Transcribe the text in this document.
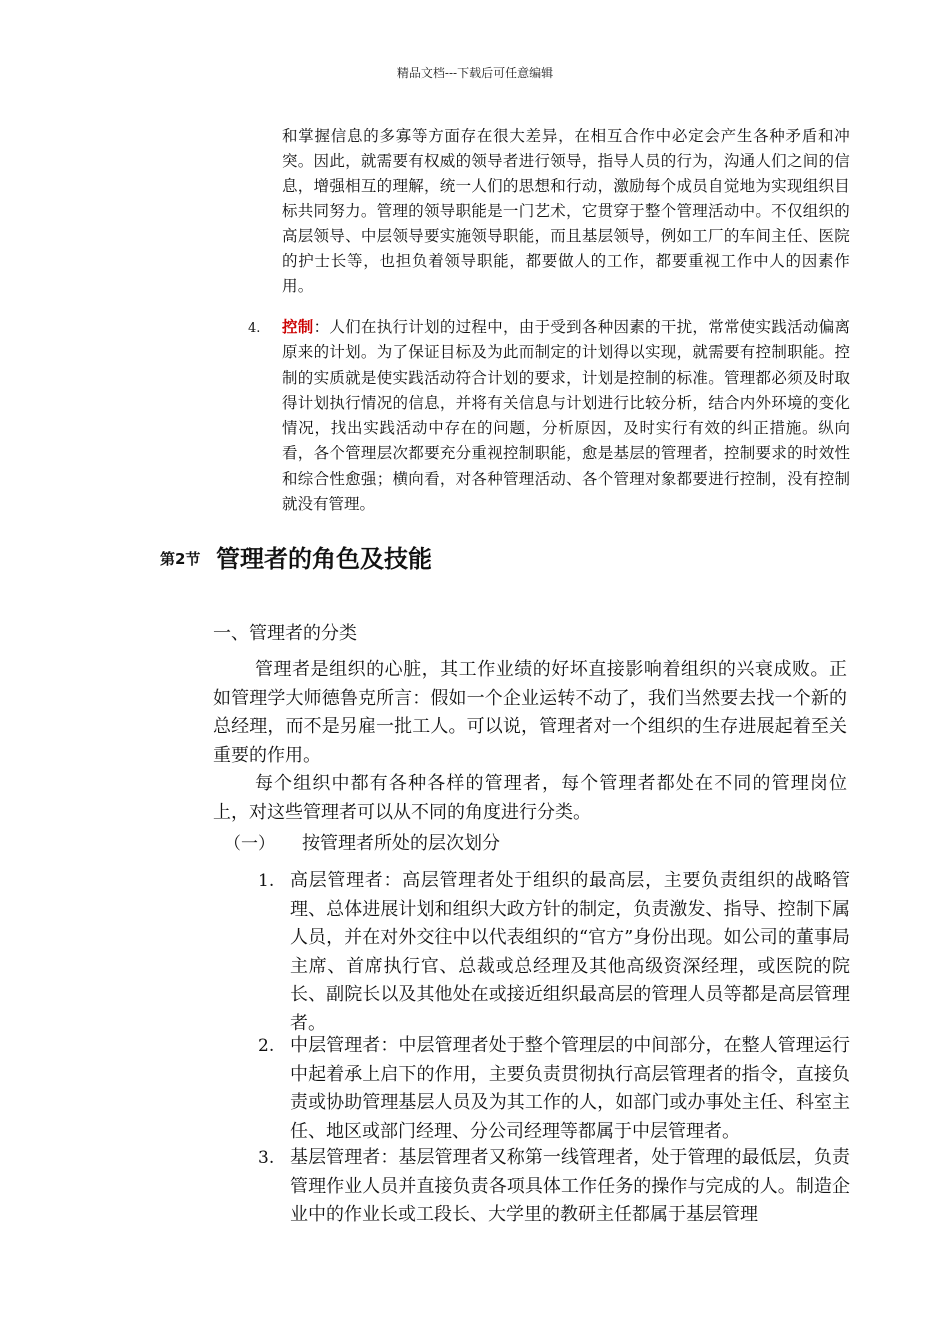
精品文档---下载后可任意编辑
和掌握信息的多寡等方面存在很大差异，在相互合作中必定会产生各种矛盾和冲突。因此，就需要有权威的领导者进行领导，指导人员的行为，沟通人们之间的信息，增强相互的理解，统一人们的思想和行动，激励每个成员自觉地为实现组织目标共同努力。管理的领导职能是一门艺术，它贯穿于整个管理活动中。不仅组织的高层领导、中层领导要实施领导职能，而且基层领导，例如工厂的车间主任、医院的护士长等，也担负着领导职能，都要做人的工作，都要重视工作中人的因素作用。
4. 控制：人们在执行计划的过程中，由于受到各种因素的干扰，常常使实践活动偏离原来的计划。为了保证目标及为此而制定的计划得以实现，就需要有控制职能。控制的实质就是使实践活动符合计划的要求，计划是控制的标准。管理都必须及时取得计划执行情况的信息，并将有关信息与计划进行比较分析，结合内外环境的变化情况，找出实践活动中存在的问题，分析原因，及时实行有效的纠正措施。纵向看，各个管理层次都要充分重视控制职能，愈是基层的管理者，控制要求的时效性和综合性愈强；横向看，对各种管理活动、各个管理对象都要进行控制，没有控制就没有管理。
第2节 管理者的角色及技能
一、管理者的分类
管理者是组织的心脏，其工作业绩的好坏直接影响着组织的兴衰成败。正如管理学大师德鲁克所言：假如一个企业运转不动了，我们当然要去找一个新的总经理，而不是另雇一批工人。可以说，管理者对一个组织的生存进展起着至关重要的作用。
每个组织中都有各种各样的管理者，每个管理者都处在不同的管理岗位上，对这些管理者可以从不同的角度进行分类。
（一） 按管理者所处的层次划分
1. 高层管理者：高层管理者处于组织的最高层，主要负责组织的战略管理、总体进展计划和组织大政方针的制定，负责激发、指导、控制下属人员，并在对外交往中以代表组织的“官方”身份出现。如公司的董事局主席、首席执行官、总裁或总经理及其他高级资深经理，或医院的院长、副院长以及其他处在或接近组织最高层的管理人员等都是高层管理者。
2. 中层管理者：中层管理者处于整个管理层的中间部分，在整人管理运行中起着承上启下的作用，主要负责贯彻执行高层管理者的指令，直接负责或协助管理基层人员及为其工作的人，如部门或办事处主任、科室主任、地区或部门经理、分公司经理等都属于中层管理者。
3. 基层管理者：基层管理者又称第一线管理者，处于管理的最低层，负责管理作业人员并直接负责各项具体工作任务的操作与完成的人。制造企业中的作业长或工段长、大学里的教研主任都属于基层管理
